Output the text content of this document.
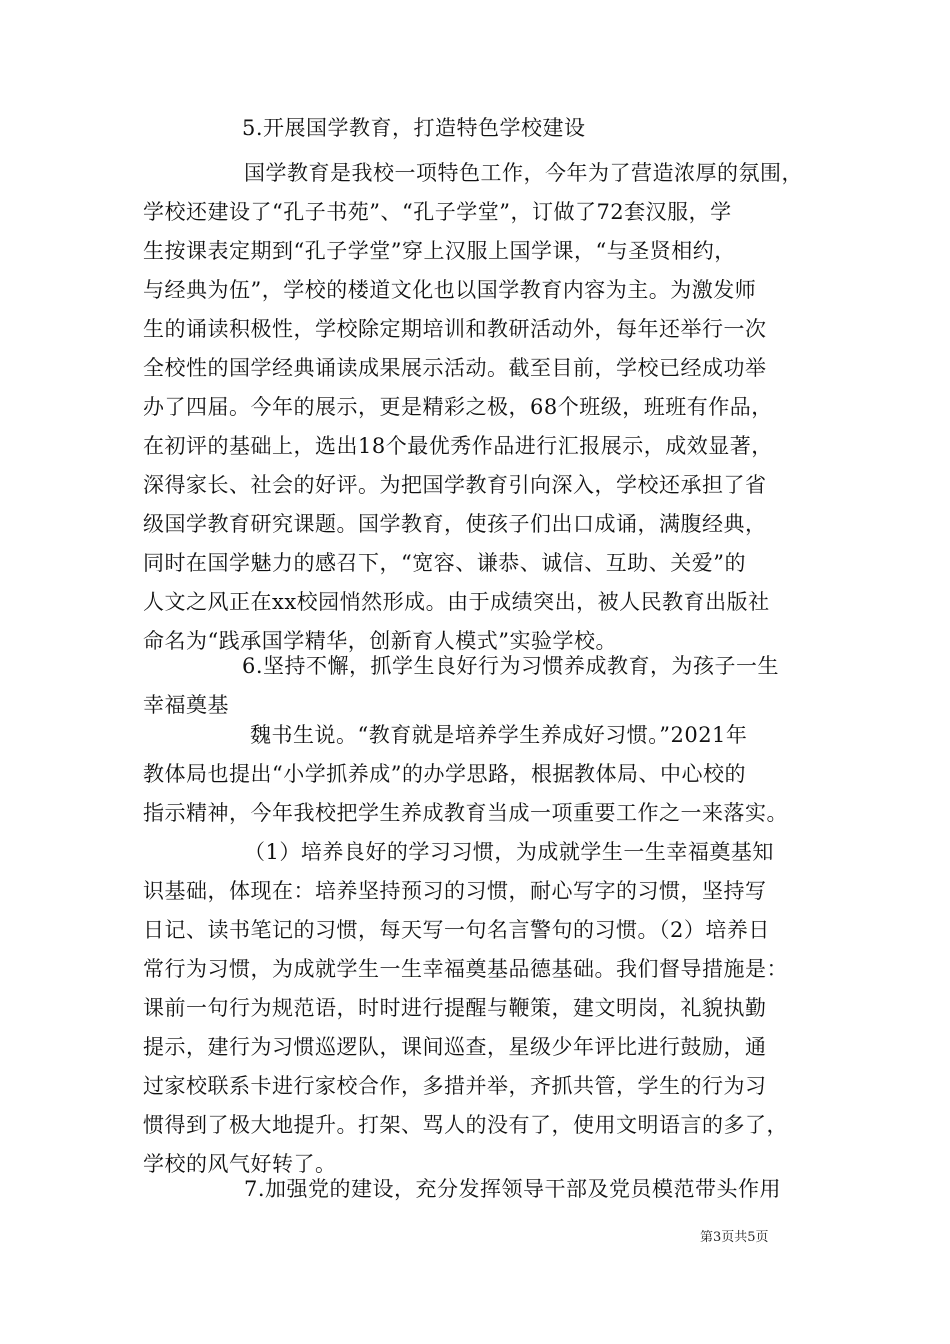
5.开展国学教育，打造特色学校建设
国学教育是我校一项特色工作，今年为了营造浓厚的氛围，
学校还建设了“孔子书苑”、“孔子学堂”，订做了72套汉服，学
生按课表定期到“孔子学堂”穿上汉服上国学课，“与圣贤相约，
与经典为伍”，学校的楼道文化也以国学教育内容为主。为激发师
生的诵读积极性，学校除定期培训和教研活动外，每年还举行一次
全校性的国学经典诵读成果展示活动。截至目前，学校已经成功举
办了四届。今年的展示，更是精彩之极，68个班级，班班有作品，
在初评的基础上，选出18个最优秀作品进行汇报展示，成效显著，
深得家长、社会的好评。为把国学教育引向深入，学校还承担了省
级国学教育研究课题。国学教育，使孩子们出口成诵，满腹经典，
同时在国学魅力的感召下，“宽容、谦恭、诚信、互助、关爱”的
人文之风正在xx校园悄然形成。由于成绩突出，被人民教育出版社
命名为“践承国学精华，创新育人模式”实验学校。
6.坚持不懈，抓学生良好行为习惯养成教育，为孩子一生
幸福奠基
魏书生说。“教育就是培养学生养成好习惯。”2021年
教体局也提出“小学抓养成”的办学思路，根据教体局、中心校的
指示精神，今年我校把学生养成教育当成一项重要工作之一来落实。
（1）培养良好的学习习惯，为成就学生一生幸福奠基知
识基础，体现在：培养坚持预习的习惯，耐心写字的习惯，坚持写
日记、读书笔记的习惯，每天写一句名言警句的习惯。（2）培养日
常行为习惯，为成就学生一生幸福奠基品德基础。我们督导措施是：
课前一句行为规范语，时时进行提醒与鞭策，建文明岗，礼貌执勤
提示，建行为习惯巡逻队，课间巡查，星级少年评比进行鼓励，通
过家校联系卡进行家校合作，多措并举，齐抓共管，学生的行为习
惯得到了极大地提升。打架、骂人的没有了，使用文明语言的多了，
学校的风气好转了。
7.加强党的建设，充分发挥领导干部及党员模范带头作用
第3页共5页
